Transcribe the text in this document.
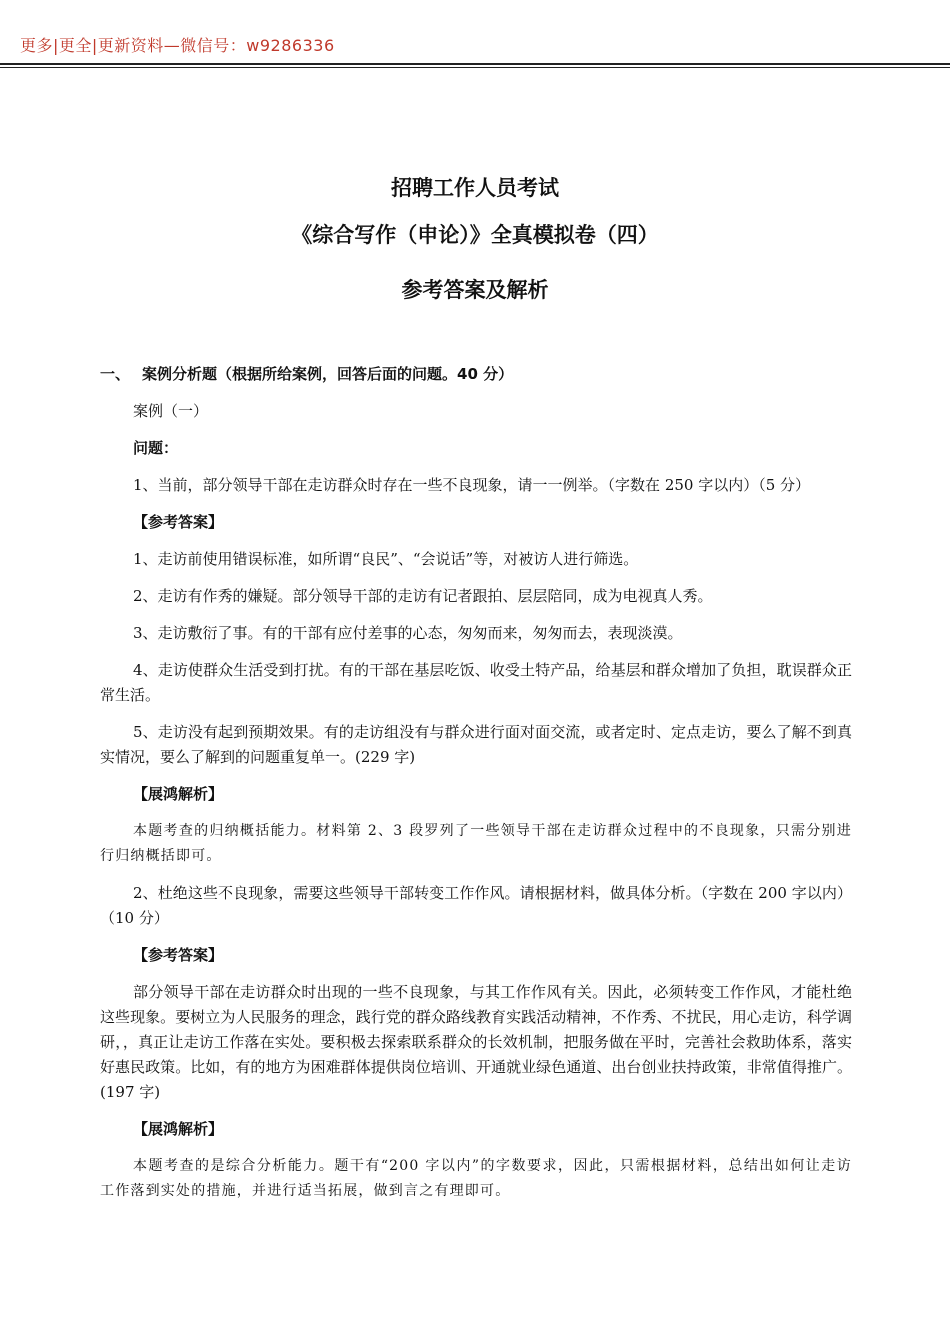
更多|更全|更新资料—微信号：w9286336
招聘工作人员考试
《综合写作（申论）》全真模拟卷（四）
参考答案及解析
一、 案例分析题（根据所给案例，回答后面的问题。40 分）

案例（一）

问题：

1、当前，部分领导干部在走访群众时存在一些不良现象，请一一例举。（字数在 250 字以内）（5 分）

【参考答案】

1、走访前使用错误标准，如所谓“良民”、“会说话”等，对被访人进行筛选。

2、走访有作秀的嫌疑。部分领导干部的走访有记者跟拍、层层陪同，成为电视真人秀。

3、走访敷衍了事。有的干部有应付差事的心态，匆匆而来，匆匆而去，表现淡漠。

4、走访使群众生活受到打扰。有的干部在基层吃饭、收受土特产品，给基层和群众增加了负担，耽误群众正常生活。

5、走访没有起到预期效果。有的走访组没有与群众进行面对面交流，或者定时、定点走访，要么了解不到真实情况，要么了解到的问题重复单一。(229 字)

【展鸿解析】

本题考查的归纳概括能力。材料第 2、3 段罗列了一些领导干部在走访群众过程中的不良现象，只需分别进行归纳概括即可。

2、杜绝这些不良现象，需要这些领导干部转变工作作风。请根据材料，做具体分析。（字数在 200 字以内）（10 分）

【参考答案】

部分领导干部在走访群众时出现的一些不良现象，与其工作作风有关。因此，必须转变工作作风，才能杜绝这些现象。要树立为人民服务的理念，践行党的群众路线教育实践活动精神，不作秀、不扰民，用心走访，科学调研，，真正让走访工作落在实处。要积极去探索联系群众的长效机制，把服务做在平时，完善社会救助体系，落实好惠民政策。比如，有的地方为困难群体提供岗位培训、开通就业绿色通道、出台创业扶持政策，非常值得推广。(197 字)

【展鸿解析】

本题考查的是综合分析能力。题干有“200 字以内”的字数要求，因此，只需根据材料，总结出如何让走访工作落到实处的措施，并进行适当拓展，做到言之有理即可。
